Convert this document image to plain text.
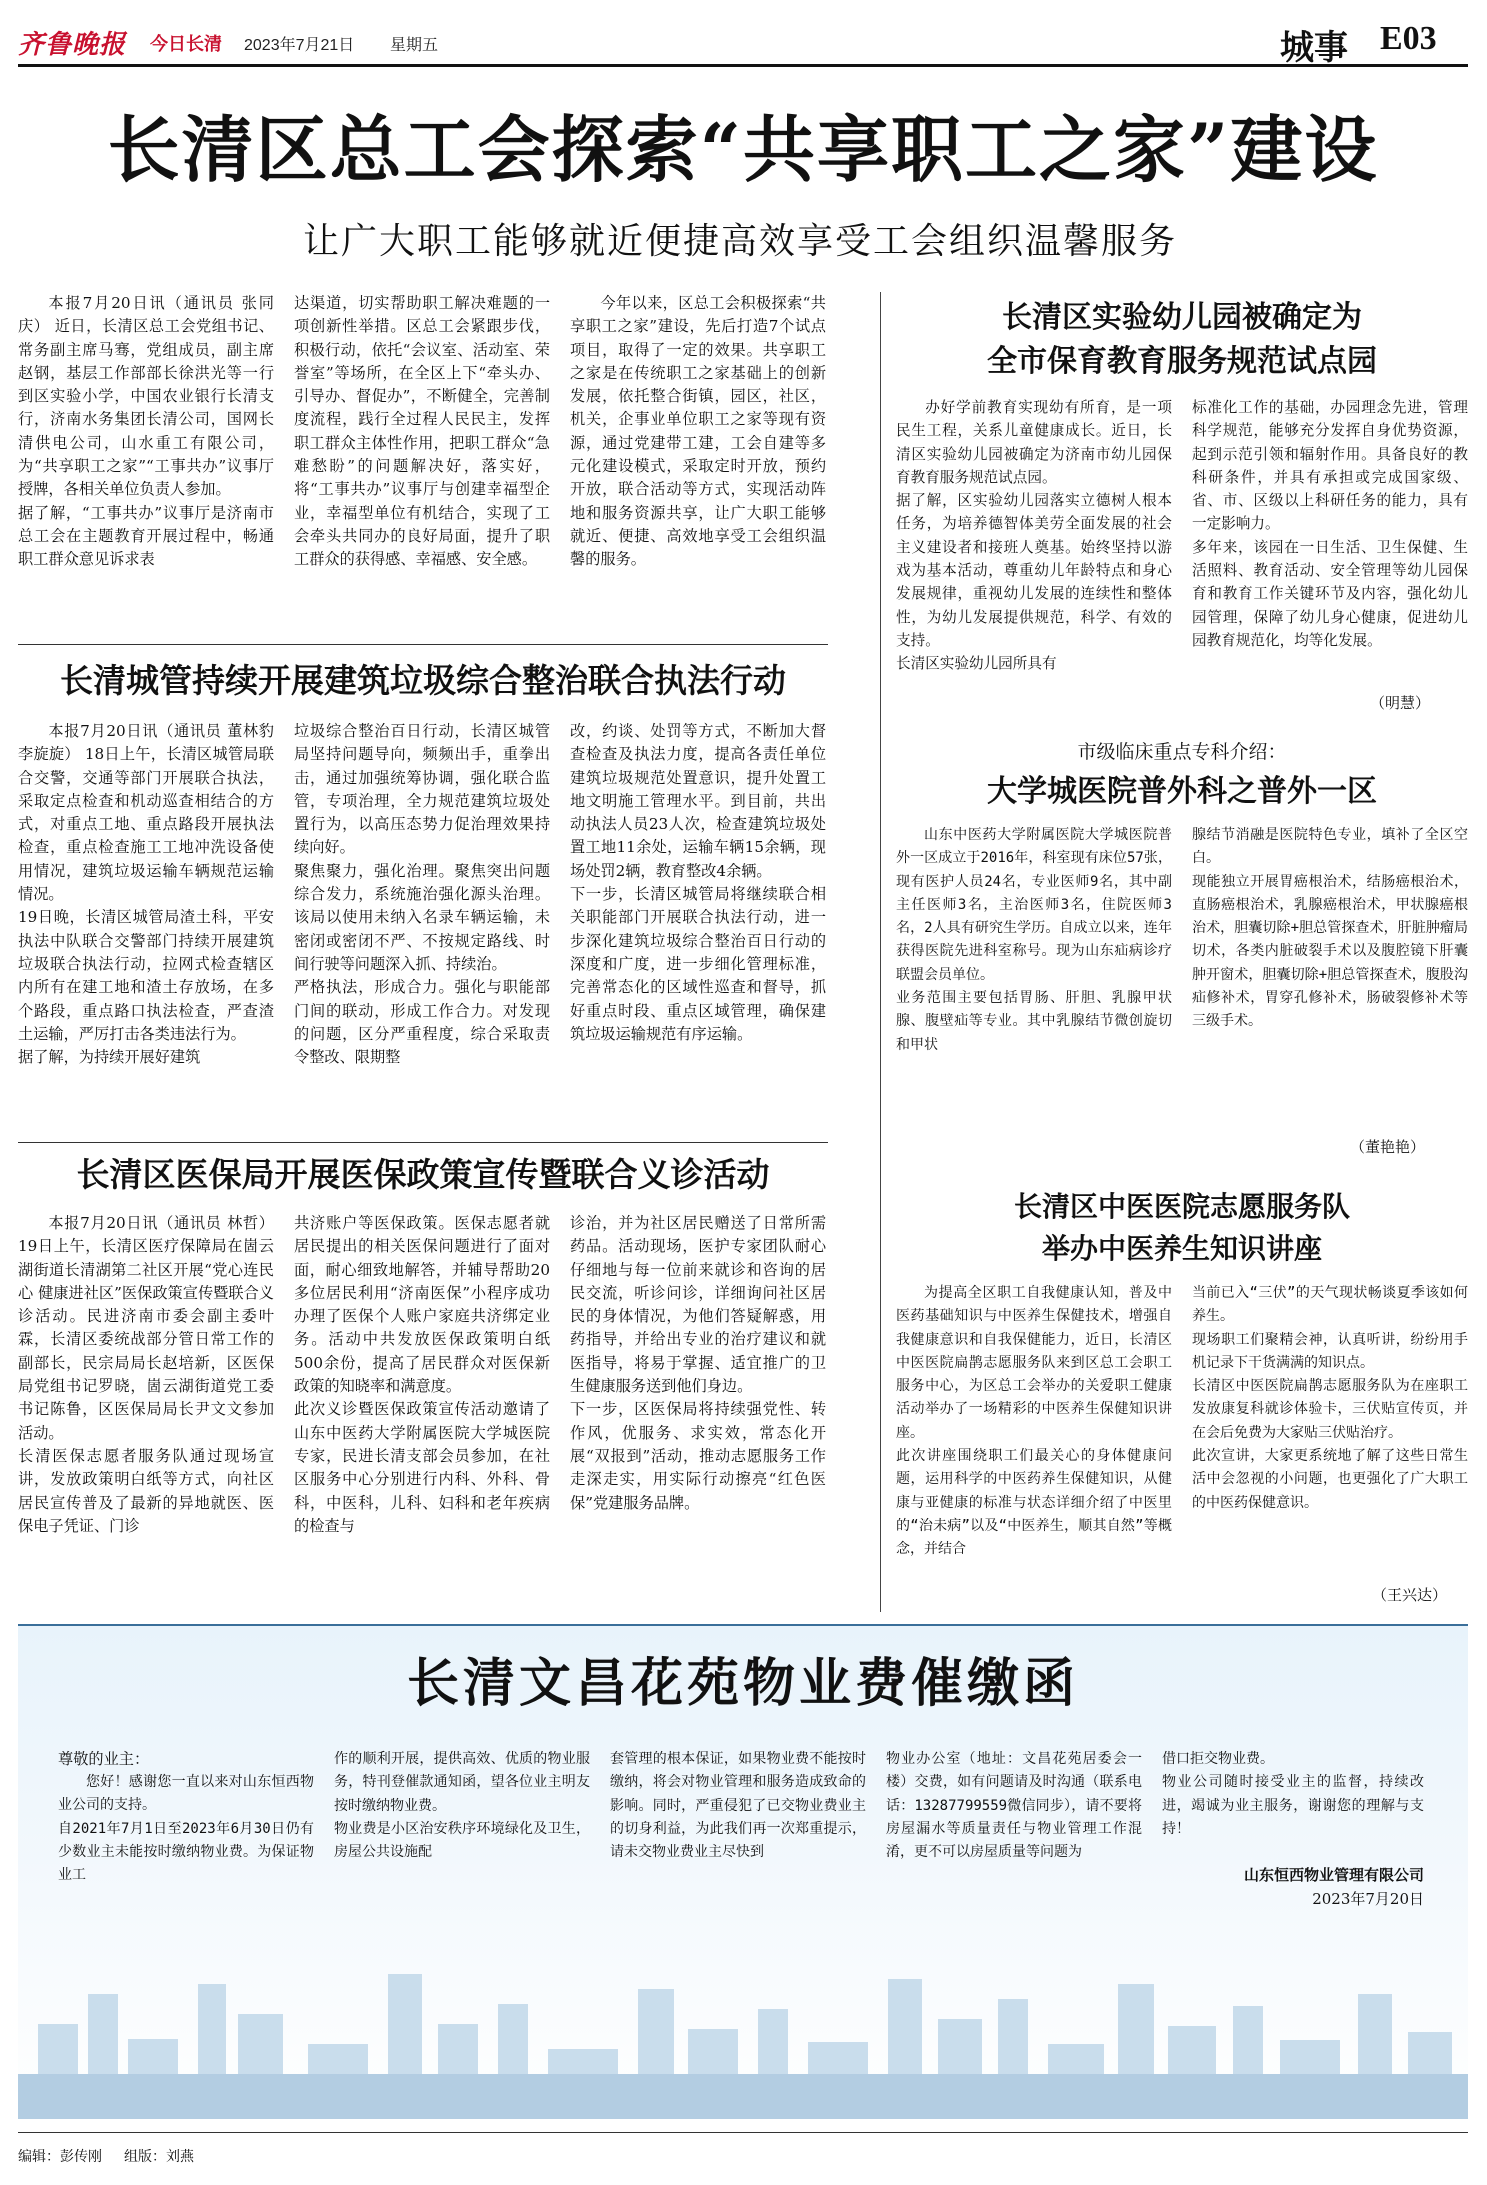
齐鲁晚报 今日长清 2023年7月21日 星期五	城事 E03
长清区总工会探索“共享职工之家”建设
让广大职工能够就近便捷高效享受工会组织温馨服务
本报7月20日讯（通讯员 张同庆） 近日，长清区总工会党组书记、常务副主席马骞，党组成员，副主席赵钢，基层工作部部长徐洪光等一行到区实验小学，中国农业银行长清支行，济南水务集团长清公司，国网长清供电公司，山水重工有限公司，为“共享职工之家”“工事共办”议事厅授牌，各相关单位负责人参加。
据了解，“工事共办”议事厅是济南市总工会在主题教育开展过程中，畅通职工群众意见诉求表
达渠道，切实帮助职工解决难题的一项创新性举措。区总工会紧跟步伐，积极行动，依托“会议室、活动室、荣誉室”等场所，在全区上下“牵头办、引导办、督促办”，不断健全，完善制度流程，践行全过程人民民主，发挥职工群众主体性作用，把职工群众“急难愁盼”的问题解决好，落实好，将“工事共办”议事厅与创建幸福型企业，幸福型单位有机结合，实现了工会牵头共同办的良好局面，提升了职工群众的获得感、幸福感、安全感。
今年以来，区总工会积极探索“共享职工之家”建设，先后打造7个试点项目，取得了一定的效果。共享职工之家是在传统职工之家基础上的创新发展，依托整合街镇，园区，社区，机关，企事业单位职工之家等现有资源，通过党建带工建，工会自建等多元化建设模式，采取定时开放，预约开放，联合活动等方式，实现活动阵地和服务资源共享，让广大职工能够就近、便捷、高效地享受工会组织温馨的服务。
长清城管持续开展建筑垃圾综合整治联合执法行动
本报7月20日讯（通讯员 董林豹 李旋旋） 18日上午，长清区城管局联合交警，交通等部门开展联合执法，采取定点检查和机动巡查相结合的方式，对重点工地、重点路段开展执法检查，重点检查施工工地冲洗设备使用情况，建筑垃圾运输车辆规范运输情况。
19日晚，长清区城管局渣土科，平安执法中队联合交警部门持续开展建筑垃圾联合执法行动，拉网式检查辖区内所有在建工地和渣土存放场，在多个路段，重点路口执法检查，严查渣土运输，严厉打击各类违法行为。
据了解，为持续开展好建筑
垃圾综合整治百日行动，长清区城管局坚持问题导向，频频出手，重拳出击，通过加强统筹协调，强化联合监管，专项治理，全力规范建筑垃圾处置行为，以高压态势力促治理效果持续向好。
聚焦聚力，强化治理。聚焦突出问题综合发力，系统施治强化源头治理。该局以使用未纳入名录车辆运输，未密闭或密闭不严、不按规定路线、时间行驶等问题深入抓、持续治。
严格执法，形成合力。强化与职能部门间的联动，形成工作合力。对发现的问题，区分严重程度，综合采取责令整改、限期整
改，约谈、处罚等方式，不断加大督查检查及执法力度，提高各责任单位建筑垃圾规范处置意识，提升处置工地文明施工管理水平。到目前，共出动执法人员23人次，检查建筑垃圾处置工地11余处，运输车辆15余辆，现场处罚2辆，教育整改4余辆。
下一步，长清区城管局将继续联合相关职能部门开展联合执法行动，进一步深化建筑垃圾综合整治百日行动的深度和广度，进一步细化管理标准，完善常态化的区域性巡查和督导，抓好重点时段、重点区域管理，确保建筑垃圾运输规范有序运输。
长清区医保局开展医保政策宣传暨联合义诊活动
本报7月20日讯（通讯员 林哲） 19日上午，长清区医疗保障局在崮云湖街道长清湖第二社区开展“党心连民心 健康进社区”医保政策宣传暨联合义诊活动。民进济南市委会副主委叶霖，长清区委统战部分管日常工作的副部长，民宗局局长赵培新，区医保局党组书记罗晓，崮云湖街道党工委书记陈鲁，区医保局局长尹文文参加活动。
长清医保志愿者服务队通过现场宣讲，发放政策明白纸等方式，向社区居民宣传普及了最新的异地就医、医保电子凭证、门诊
共济账户等医保政策。医保志愿者就居民提出的相关医保问题进行了面对面，耐心细致地解答，并辅导帮助20多位居民利用“济南医保”小程序成功办理了医保个人账户家庭共济绑定业务。活动中共发放医保政策明白纸500余份，提高了居民群众对医保新政策的知晓率和满意度。
此次义诊暨医保政策宣传活动邀请了山东中医药大学附属医院大学城医院专家，民进长清支部会员参加，在社区服务中心分别进行内科、外科、骨科，中医科，儿科、妇科和老年疾病的检查与
诊治，并为社区居民赠送了日常所需药品。活动现场，医护专家团队耐心仔细地与每一位前来就诊和咨询的居民交流，听诊问诊，详细询问社区居民的身体情况，为他们答疑解惑，用药指导，并给出专业的治疗建议和就医指导，将易于掌握、适宜推广的卫生健康服务送到他们身边。
下一步，区医保局将持续强党性、转作风，优服务、求实效，常态化开展“双报到”活动，推动志愿服务工作走深走实，用实际行动擦亮“红色医保”党建服务品牌。
长清区实验幼儿园被确定为
全市保育教育服务规范试点园
办好学前教育实现幼有所育，是一项民生工程，关系儿童健康成长。近日，长清区实验幼儿园被确定为济南市幼儿园保育教育服务规范试点园。
据了解，区实验幼儿园落实立德树人根本任务，为培养德智体美劳全面发展的社会主义建设者和接班人奠基。始终坚持以游戏为基本活动，尊重幼儿年龄特点和身心发展规律，重视幼儿发展的连续性和整体性，为幼儿发展提供规范，科学、有效的支持。
长清区实验幼儿园所具有
标准化工作的基础，办园理念先进，管理科学规范，能够充分发挥自身优势资源，起到示范引领和辐射作用。具备良好的教科研条件，并具有承担或完成国家级、省、市、区级以上科研任务的能力，具有一定影响力。
多年来，该园在一日生活、卫生保健、生活照料、教育活动、安全管理等幼儿园保育和教育工作关键环节及内容，强化幼儿园管理，保障了幼儿身心健康，促进幼儿园教育规范化，均等化发展。
（明慧）
市级临床重点专科介绍：
大学城医院普外科之普外一区
山东中医药大学附属医院大学城医院普外一区成立于2016年，科室现有床位57张，现有医护人员24名，专业医师9名，其中副主任医师3名，主治医师3名，住院医师3名，2人具有研究生学历。自成立以来，连年获得医院先进科室称号。现为山东疝病诊疗联盟会员单位。
业务范围主要包括胃肠、肝胆、乳腺甲状腺、腹壁疝等专业。其中乳腺结节微创旋切和甲状
腺结节消融是医院特色专业，填补了全区空白。
现能独立开展胃癌根治术，结肠癌根治术，直肠癌根治术，乳腺癌根治术，甲状腺癌根治术，胆囊切除+胆总管探查术，肝脏肿瘤局切术，各类内脏破裂手术以及腹腔镜下肝囊肿开窗术，胆囊切除+胆总管探查术，腹股沟疝修补术，胃穿孔修补术，肠破裂修补术等三级手术。
（董艳艳）
长清区中医医院志愿服务队
举办中医养生知识讲座
为提高全区职工自我健康认知，普及中医药基础知识与中医养生保健技术，增强自我健康意识和自我保健能力，近日，长清区中医医院扁鹊志愿服务队来到区总工会职工服务中心，为区总工会举办的关爱职工健康活动举办了一场精彩的中医养生保健知识讲座。
此次讲座围绕职工们最关心的身体健康问题，运用科学的中医药养生保健知识，从健康与亚健康的标准与状态详细介绍了中医里的“治未病”以及“中医养生，顺其自然”等概念，并结合
当前已入“三伏”的天气现状畅谈夏季该如何养生。
现场职工们聚精会神，认真听讲，纷纷用手机记录下干货满满的知识点。
长清区中医医院扁鹊志愿服务队为在座职工发放康复科就诊体验卡，三伏贴宣传页，并在会后免费为大家贴三伏贴治疗。
此次宣讲，大家更系统地了解了这些日常生活中会忽视的小问题，也更强化了广大职工的中医药保健意识。
（王兴达）
长清文昌花苑物业费催缴函
尊敬的业主：
您好！感谢您一直以来对山东恒西物业公司的支持。
自2021年7月1日至2023年6月30日仍有少数业主未能按时缴纳物业费。为保证物业工
作的顺利开展，提供高效、优质的物业服务，特刊登催款通知函，望各位业主明友按时缴纳物业费。
物业费是小区治安秩序环境绿化及卫生，房屋公共设施配
套管理的根本保证，如果物业费不能按时缴纳，将会对物业管理和服务造成致命的影响。同时，严重侵犯了已交物业费业主的切身利益，为此我们再一次郑重提示，请未交物业费业主尽快到
物业办公室（地址：文昌花苑居委会一楼）交费，如有问题请及时沟通（联系电话：13287799559微信同步），请不要将房屋漏水等质量责任与物业管理工作混淆，更不可以房屋质量等问题为
借口拒交物业费。
物业公司随时接受业主的监督，持续改进，竭诚为业主服务，谢谢您的理解与支持！
山东恒西物业管理有限公司
2023年7月20日
编辑：彭传刚 组版：刘燕
